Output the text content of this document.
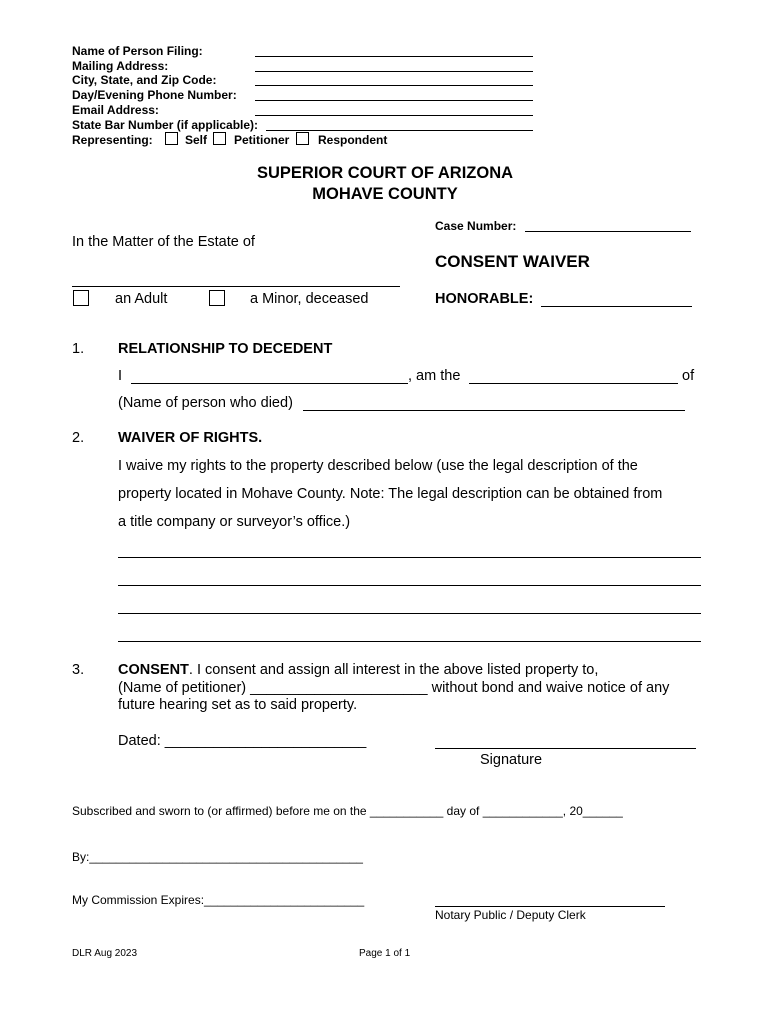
Name of Person Filing:
Mailing Address:
City, State, and Zip Code:
Day/Evening Phone Number:
Email Address:
State Bar Number (if applicable):
Representing:	Self Petitioner Respondent
SUPERIOR COURT OF ARIZONA
MOHAVE COUNTY
Case Number:
In the Matter of the Estate of
CONSENT WAIVER
an Adult	a Minor, deceased	HONORABLE:
1. RELATIONSHIP TO DECEDENT
I	, am the	of
(Name of person who died)
2. WAIVER OF RIGHTS.
I waive my rights to the property described below (use the legal description of the
property located in Mohave County. Note: The legal description can be obtained from
a title company or surveyor’s office.)
3. CONSENT. I consent and assign all interest in the above listed property to,
(Name of petitioner) ______________________ without bond and waive notice of any
future hearing set as to said property.
Dated: _________________________
Signature
Subscribed and sworn to (or affirmed) before me on the ___________ day of ____________, 20______
By:_________________________________________
My Commission Expires:________________________
Notary Public / Deputy Clerk
DLR Aug 2023	Page 1 of 1
